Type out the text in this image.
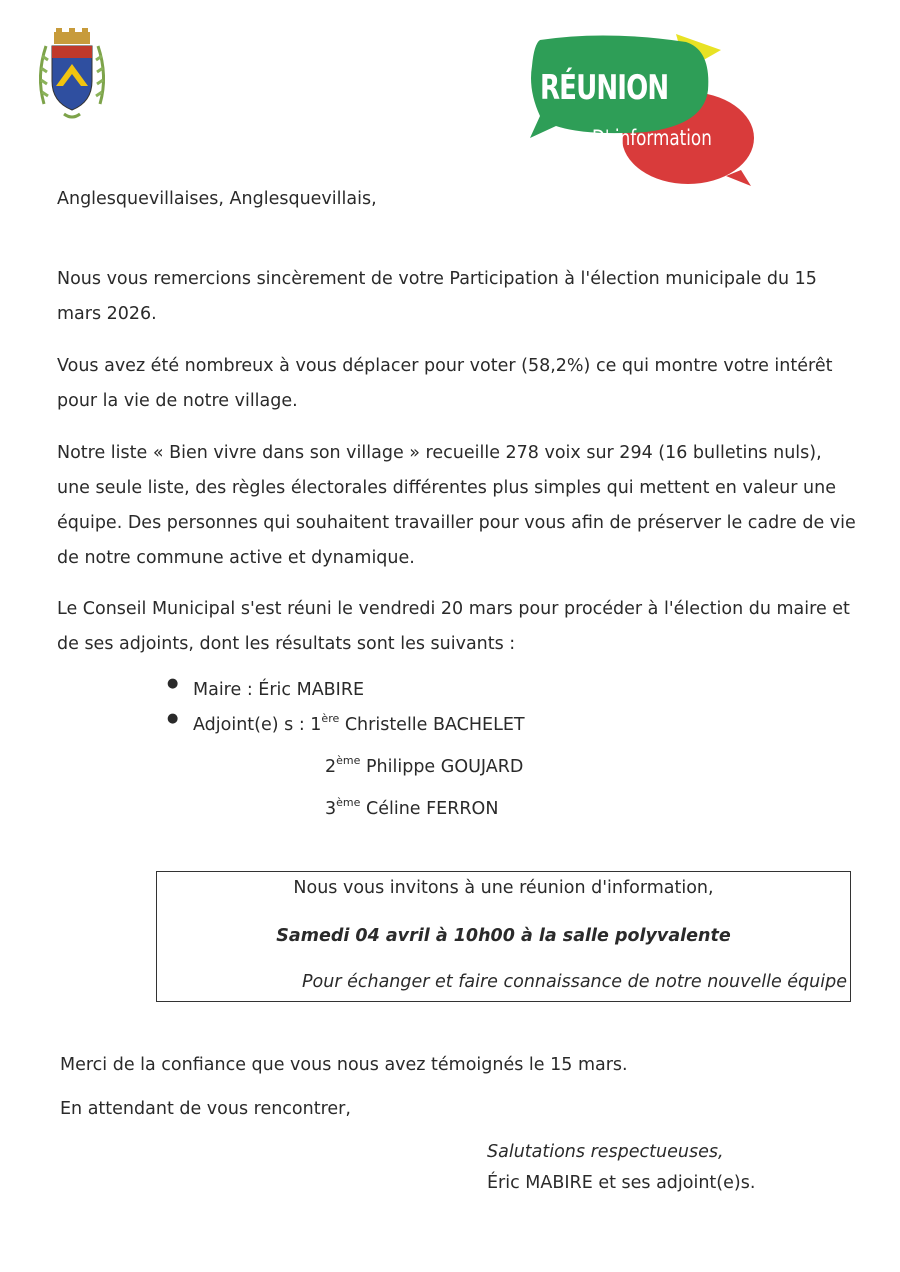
RÉUNION
D' information

Anglesquevillaises, Anglesquevillais,

Nous vous remercions sincèrement de votre Participation à l'élection municipale du 15 mars 2026.

Vous avez été nombreux à vous déplacer pour voter (58,2%) ce qui montre votre intérêt pour la vie de notre village.

Notre liste « Bien vivre dans son village » recueille 278 voix sur 294 (16 bulletins nuls), une seule liste, des règles électorales différentes plus simples qui mettent en valeur une équipe. Des personnes qui souhaitent travailler pour vous afin de préserver le cadre de vie de notre commune active et dynamique.

Le Conseil Municipal s'est réuni le vendredi 20 mars pour procéder à l'élection du maire et de ses adjoints, dont les résultats sont les suivants :

● Maire : Éric MABIRE
● Adjoint(e) s : 1ère Christelle BACHELET
2ème Philippe GOUJARD
3ème Céline FERRON
Nous vous invitons à une réunion d'information,
Samedi 04 avril à 10h00 à la salle polyvalente
Pour échanger et faire connaissance de notre nouvelle équipe
Merci de la confiance que vous nous avez témoignés le 15 mars.
En attendant de vous rencontrer,
Salutations respectueuses,
Éric MABIRE et ses adjoint(e)s.
